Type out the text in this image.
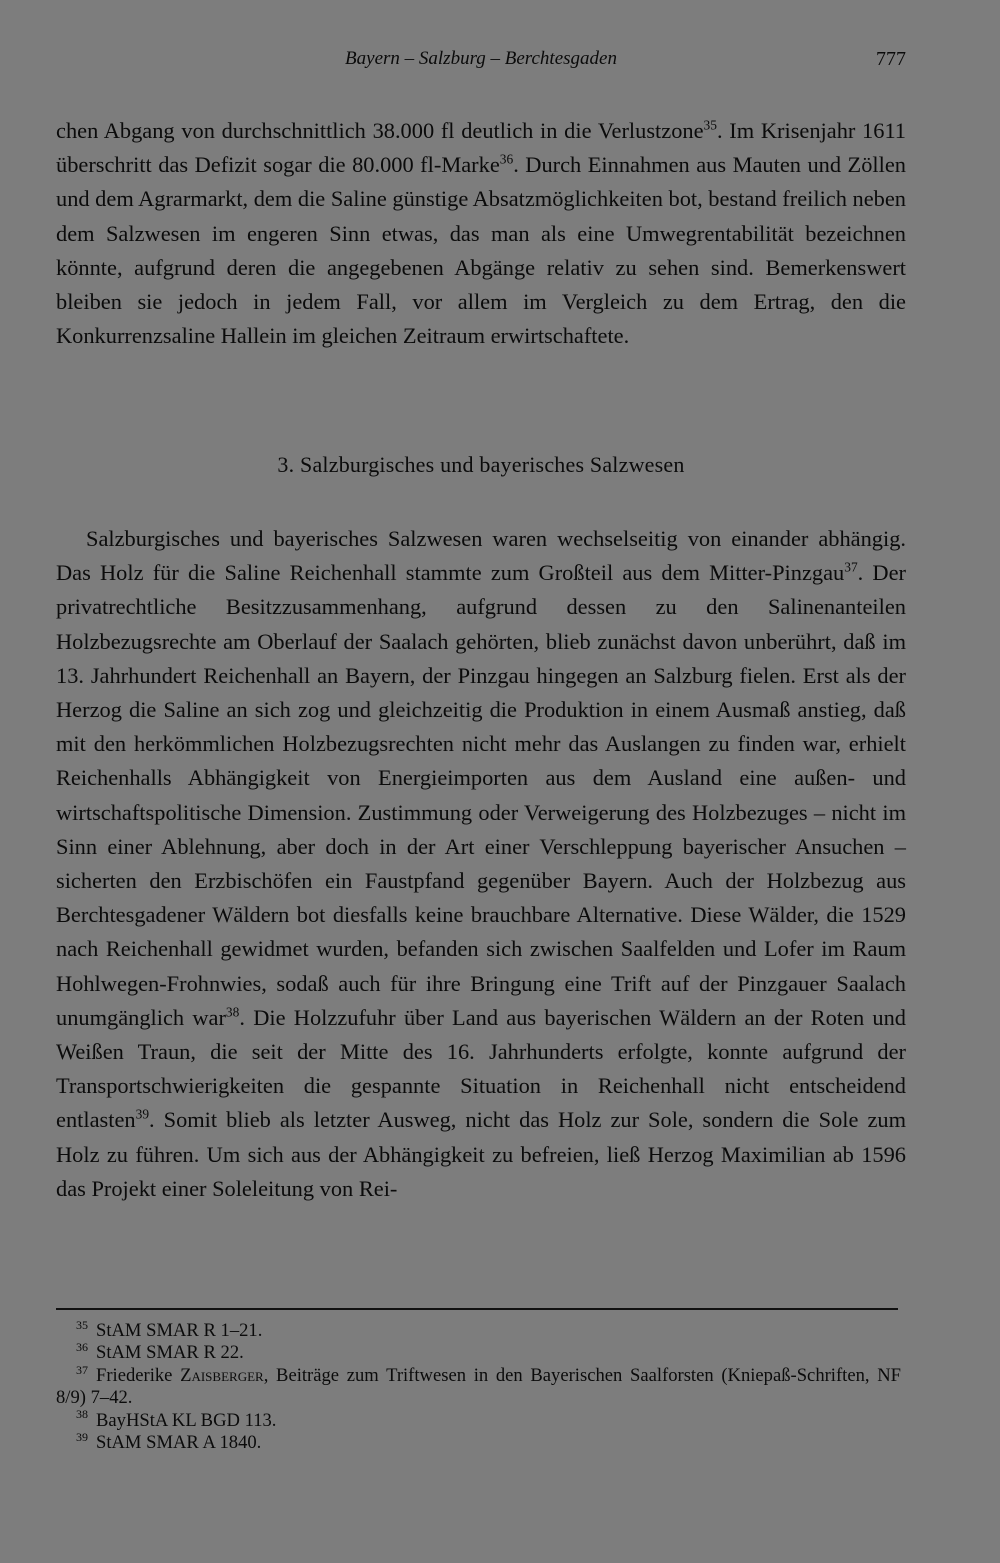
Bayern – Salzburg – Berchtesgaden	777

chen Abgang von durchschnittlich 38.000 fl deutlich in die Verlustzone$^{35}$. Im Krisenjahr 1611 überschritt das Defizit sogar die 80.000 fl-Marke$^{36}$. Durch Einnahmen aus Mauten und Zöllen und dem Agrarmarkt, dem die Saline günstige Absatzmöglichkeiten bot, bestand freilich neben dem Salzwesen im engeren Sinn etwas, das man als eine Umwegrentabilität bezeichnen könnte, aufgrund deren die angegebenen Abgänge relativ zu sehen sind. Bemerkenswert bleiben sie jedoch in jedem Fall, vor allem im Vergleich zu dem Ertrag, den die Konkurrenzsaline Hallein im gleichen Zeitraum erwirtschaftete.

3. Salzburgisches und bayerisches Salzwesen

Salzburgisches und bayerisches Salzwesen waren wechselseitig von einander abhängig. Das Holz für die Saline Reichenhall stammte zum Großteil aus dem Mitter-Pinzgau$^{37}$. Der privatrechtliche Besitzzusammenhang, aufgrund dessen zu den Salinenanteilen Holzbezugsrechte am Oberlauf der Saalach gehörten, blieb zunächst davon unberührt, daß im 13. Jahrhundert Reichenhall an Bayern, der Pinzgau hingegen an Salzburg fielen. Erst als der Herzog die Saline an sich zog und gleichzeitig die Produktion in einem Ausmaß anstieg, daß mit den herkömmlichen Holzbezugsrechten nicht mehr das Auslangen zu finden war, erhielt Reichenhalls Abhängigkeit von Energieimporten aus dem Ausland eine außen- und wirtschaftspolitische Dimension. Zustimmung oder Verweigerung des Holzbezuges – nicht im Sinn einer Ablehnung, aber doch in der Art einer Verschleppung bayerischer Ansuchen – sicherten den Erzbischöfen ein Faustpfand gegenüber Bayern. Auch der Holzbezug aus Berchtesgadener Wäldern bot diesfalls keine brauchbare Alternative. Diese Wälder, die 1529 nach Reichenhall gewidmet wurden, befanden sich zwischen Saalfelden und Lofer im Raum Hohlwegen-Frohnwies, sodaß auch für ihre Bringung eine Trift auf der Pinzgauer Saalach unumgänglich war$^{38}$. Die Holzzufuhr über Land aus bayerischen Wäldern an der Roten und Weißen Traun, die seit der Mitte des 16. Jahrhunderts erfolgte, konnte aufgrund der Transportschwierigkeiten die gespannte Situation in Reichenhall nicht entscheidend entlasten$^{39}$. Somit blieb als letzter Ausweg, nicht das Holz zur Sole, sondern die Sole zum Holz zu führen. Um sich aus der Abhängigkeit zu befreien, ließ Herzog Maximilian ab 1596 das Projekt einer Soleleitung von Rei-

$^{35}$ StAM SMAR R 1–21.

$^{36}$ StAM SMAR R 22.

$^{37}$ Friederike Zaisberger, Beiträge zum Triftwesen in den Bayerischen Saalforsten (Kniepaß-Schriften, NF 8/9) 7–42.

$^{38}$ BayHStA KL BGD 113.

$^{39}$ StAM SMAR A 1840.
